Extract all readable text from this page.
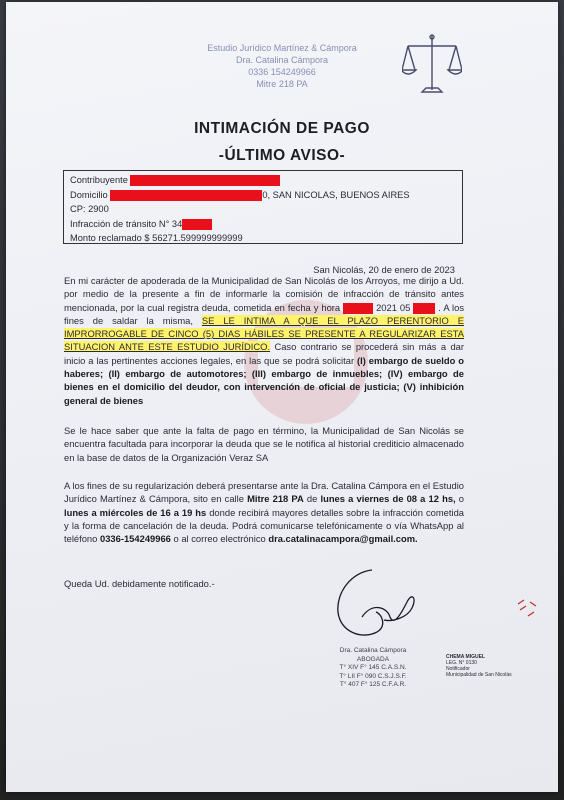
Estudio Jurídico Martínez & Cámpora
Dra. Catalina Cámpora
0336 154249966
Mitre 218 PA
INTIMACIÓN DE PAGO
-ÚLTIMO AVISO-
Contribuyente
Domicilio	0, SAN NICOLAS, BUENOS AIRES
CP: 2900
Infracción de tránsito N° 34
Monto reclamado $ 56271.599999999999
San Nicolás, 20 de enero de 2023
En mi carácter de apoderada de la Municipalidad de San Nicolás de los Arroyos, me dirijo a Ud. por medio de la presente a fin de informarle la comisión de infracción de tránsito antes mencionada, por la cual registra deuda, cometida en fecha y hora	2021 05	. A los fines de saldar la misma, SE LE INTIMA A QUE EL PLAZO PERENTORIO E IMPRORROGABLE DE CINCO (5) DIAS HÁBILES SE PRESENTE A REGULARIZAR ESTA SITUACION ANTE ESTE ESTUDIO JURÍDICO. Caso contrario se procederá sin más a dar inicio a las pertinentes acciones legales, en las que se podrá solicitar (I) embargo de sueldo o haberes; (II) embargo de automotores; (III) embargo de inmuebles; (IV) embargo de bienes en el domicilio del deudor, con intervención de oficial de justicia; (V) inhibición general de bienes
Se le hace saber que ante la falta de pago en término, la Municipalidad de San Nicolás se encuentra facultada para incorporar la deuda que se le notifica al historial crediticio almacenado en la base de datos de la Organización Veraz SA
A los fines de su regularización deberá presentarse ante la Dra. Catalina Cámpora en el Estudio Jurídico Martínez & Cámpora, sito en calle Mitre 218 PA de lunes a viernes de 08 a 12 hs, o lunes a miércoles de 16 a 19 hs donde recibirá mayores detalles sobre la infracción cometida y la forma de cancelación de la deuda. Podrá comunicarse telefónicamente o vía WhatsApp al teléfono 0336-154249966 o al correo electrónico dra.catalinacampora@gmail.com.
Queda Ud. debidamente notificado.-
Dra. Catalina Cámpora
ABOGADA
T° XIV F° 145 C.A.S.N.
T° LII F° 090 C.S.J.S.F.
T° 407 F° 125 C.F.A.R.
CHEMA MIGUEL
LEG. N° 0130
Notificador
Municipalidad de San Nicolás
